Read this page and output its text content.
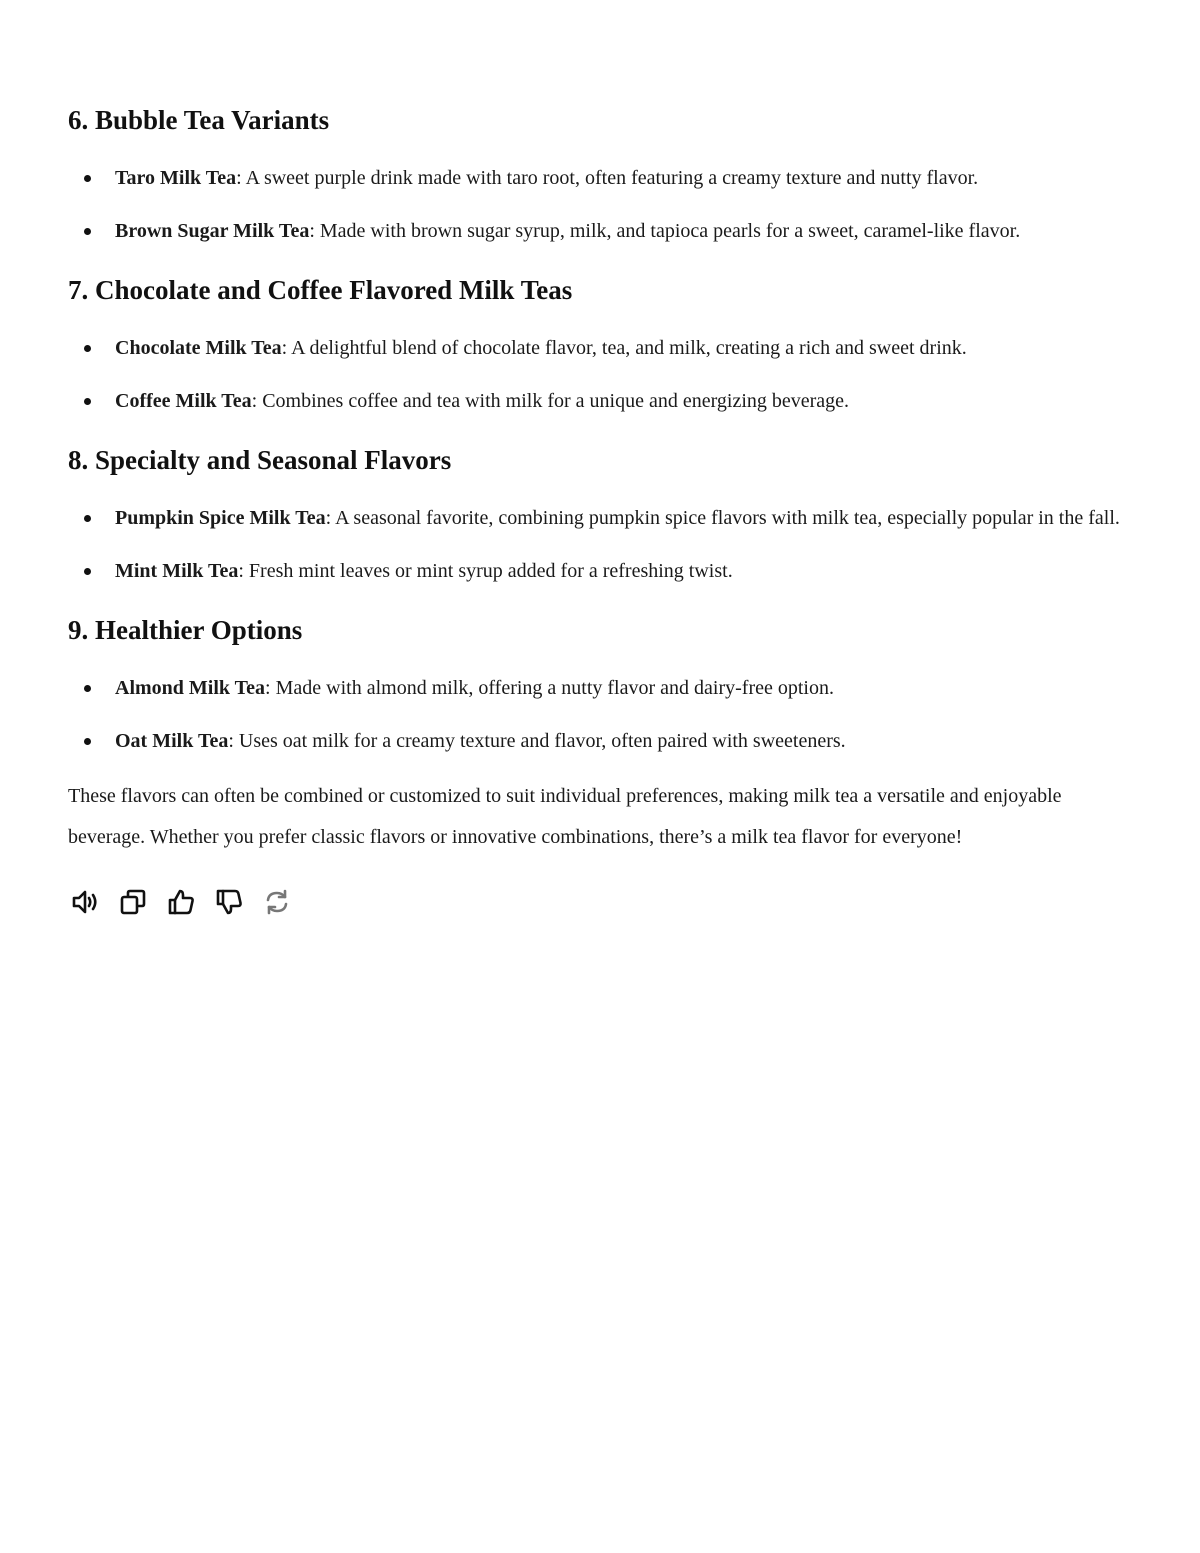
6. Bubble Tea Variants
Taro Milk Tea: A sweet purple drink made with taro root, often featuring a creamy texture and nutty flavor.
Brown Sugar Milk Tea: Made with brown sugar syrup, milk, and tapioca pearls for a sweet, caramel-like flavor.
7. Chocolate and Coffee Flavored Milk Teas
Chocolate Milk Tea: A delightful blend of chocolate flavor, tea, and milk, creating a rich and sweet drink.
Coffee Milk Tea: Combines coffee and tea with milk for a unique and energizing beverage.
8. Specialty and Seasonal Flavors
Pumpkin Spice Milk Tea: A seasonal favorite, combining pumpkin spice flavors with milk tea, especially popular in the fall.
Mint Milk Tea: Fresh mint leaves or mint syrup added for a refreshing twist.
9. Healthier Options
Almond Milk Tea: Made with almond milk, offering a nutty flavor and dairy-free option.
Oat Milk Tea: Uses oat milk for a creamy texture and flavor, often paired with sweeteners.

These flavors can often be combined or customized to suit individual preferences, making milk tea a versatile and enjoyable beverage. Whether you prefer classic flavors or innovative combinations, there’s a milk tea flavor for everyone!
